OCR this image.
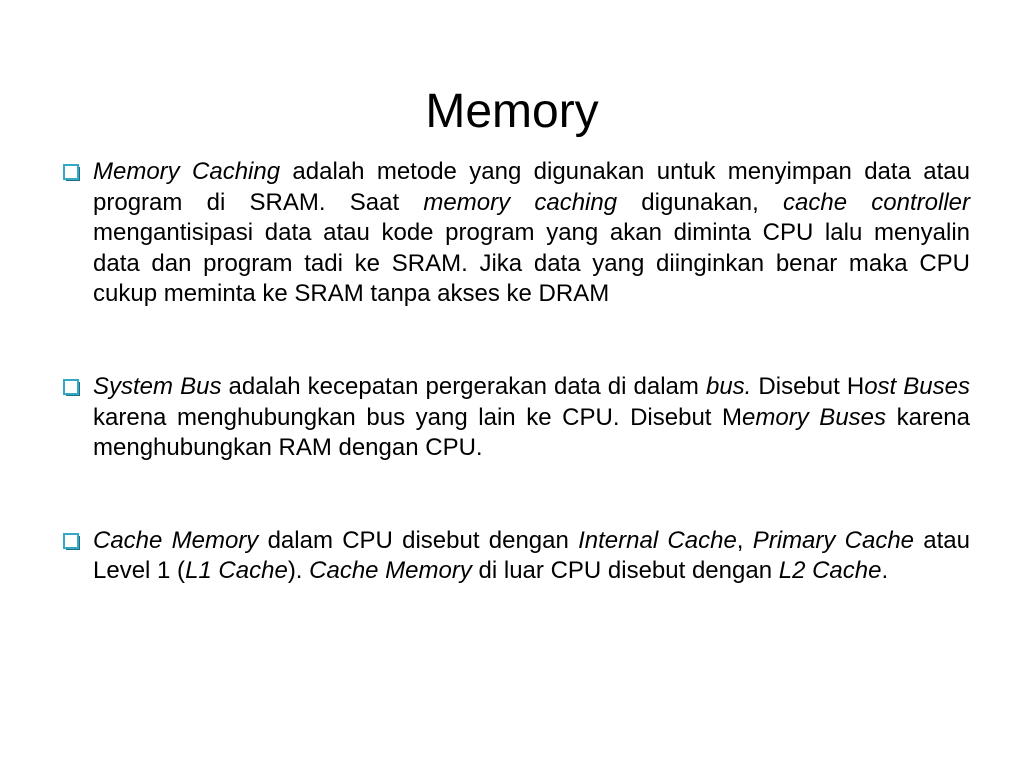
Memory
Memory Caching adalah metode yang digunakan untuk menyimpan data atau program di SRAM. Saat memory caching digunakan, cache controller mengantisipasi data atau kode program yang akan diminta CPU lalu menyalin data dan program tadi ke SRAM. Jika data yang diinginkan benar maka CPU cukup meminta ke SRAM tanpa akses ke DRAM
System Bus adalah kecepatan pergerakan data di dalam bus. Disebut Host Buses karena menghubungkan bus yang lain ke CPU. Disebut Memory Buses karena menghubungkan RAM dengan CPU.
Cache Memory dalam CPU disebut dengan Internal Cache, Primary Cache atau Level 1 (L1 Cache). Cache Memory di luar CPU disebut dengan L2 Cache.
